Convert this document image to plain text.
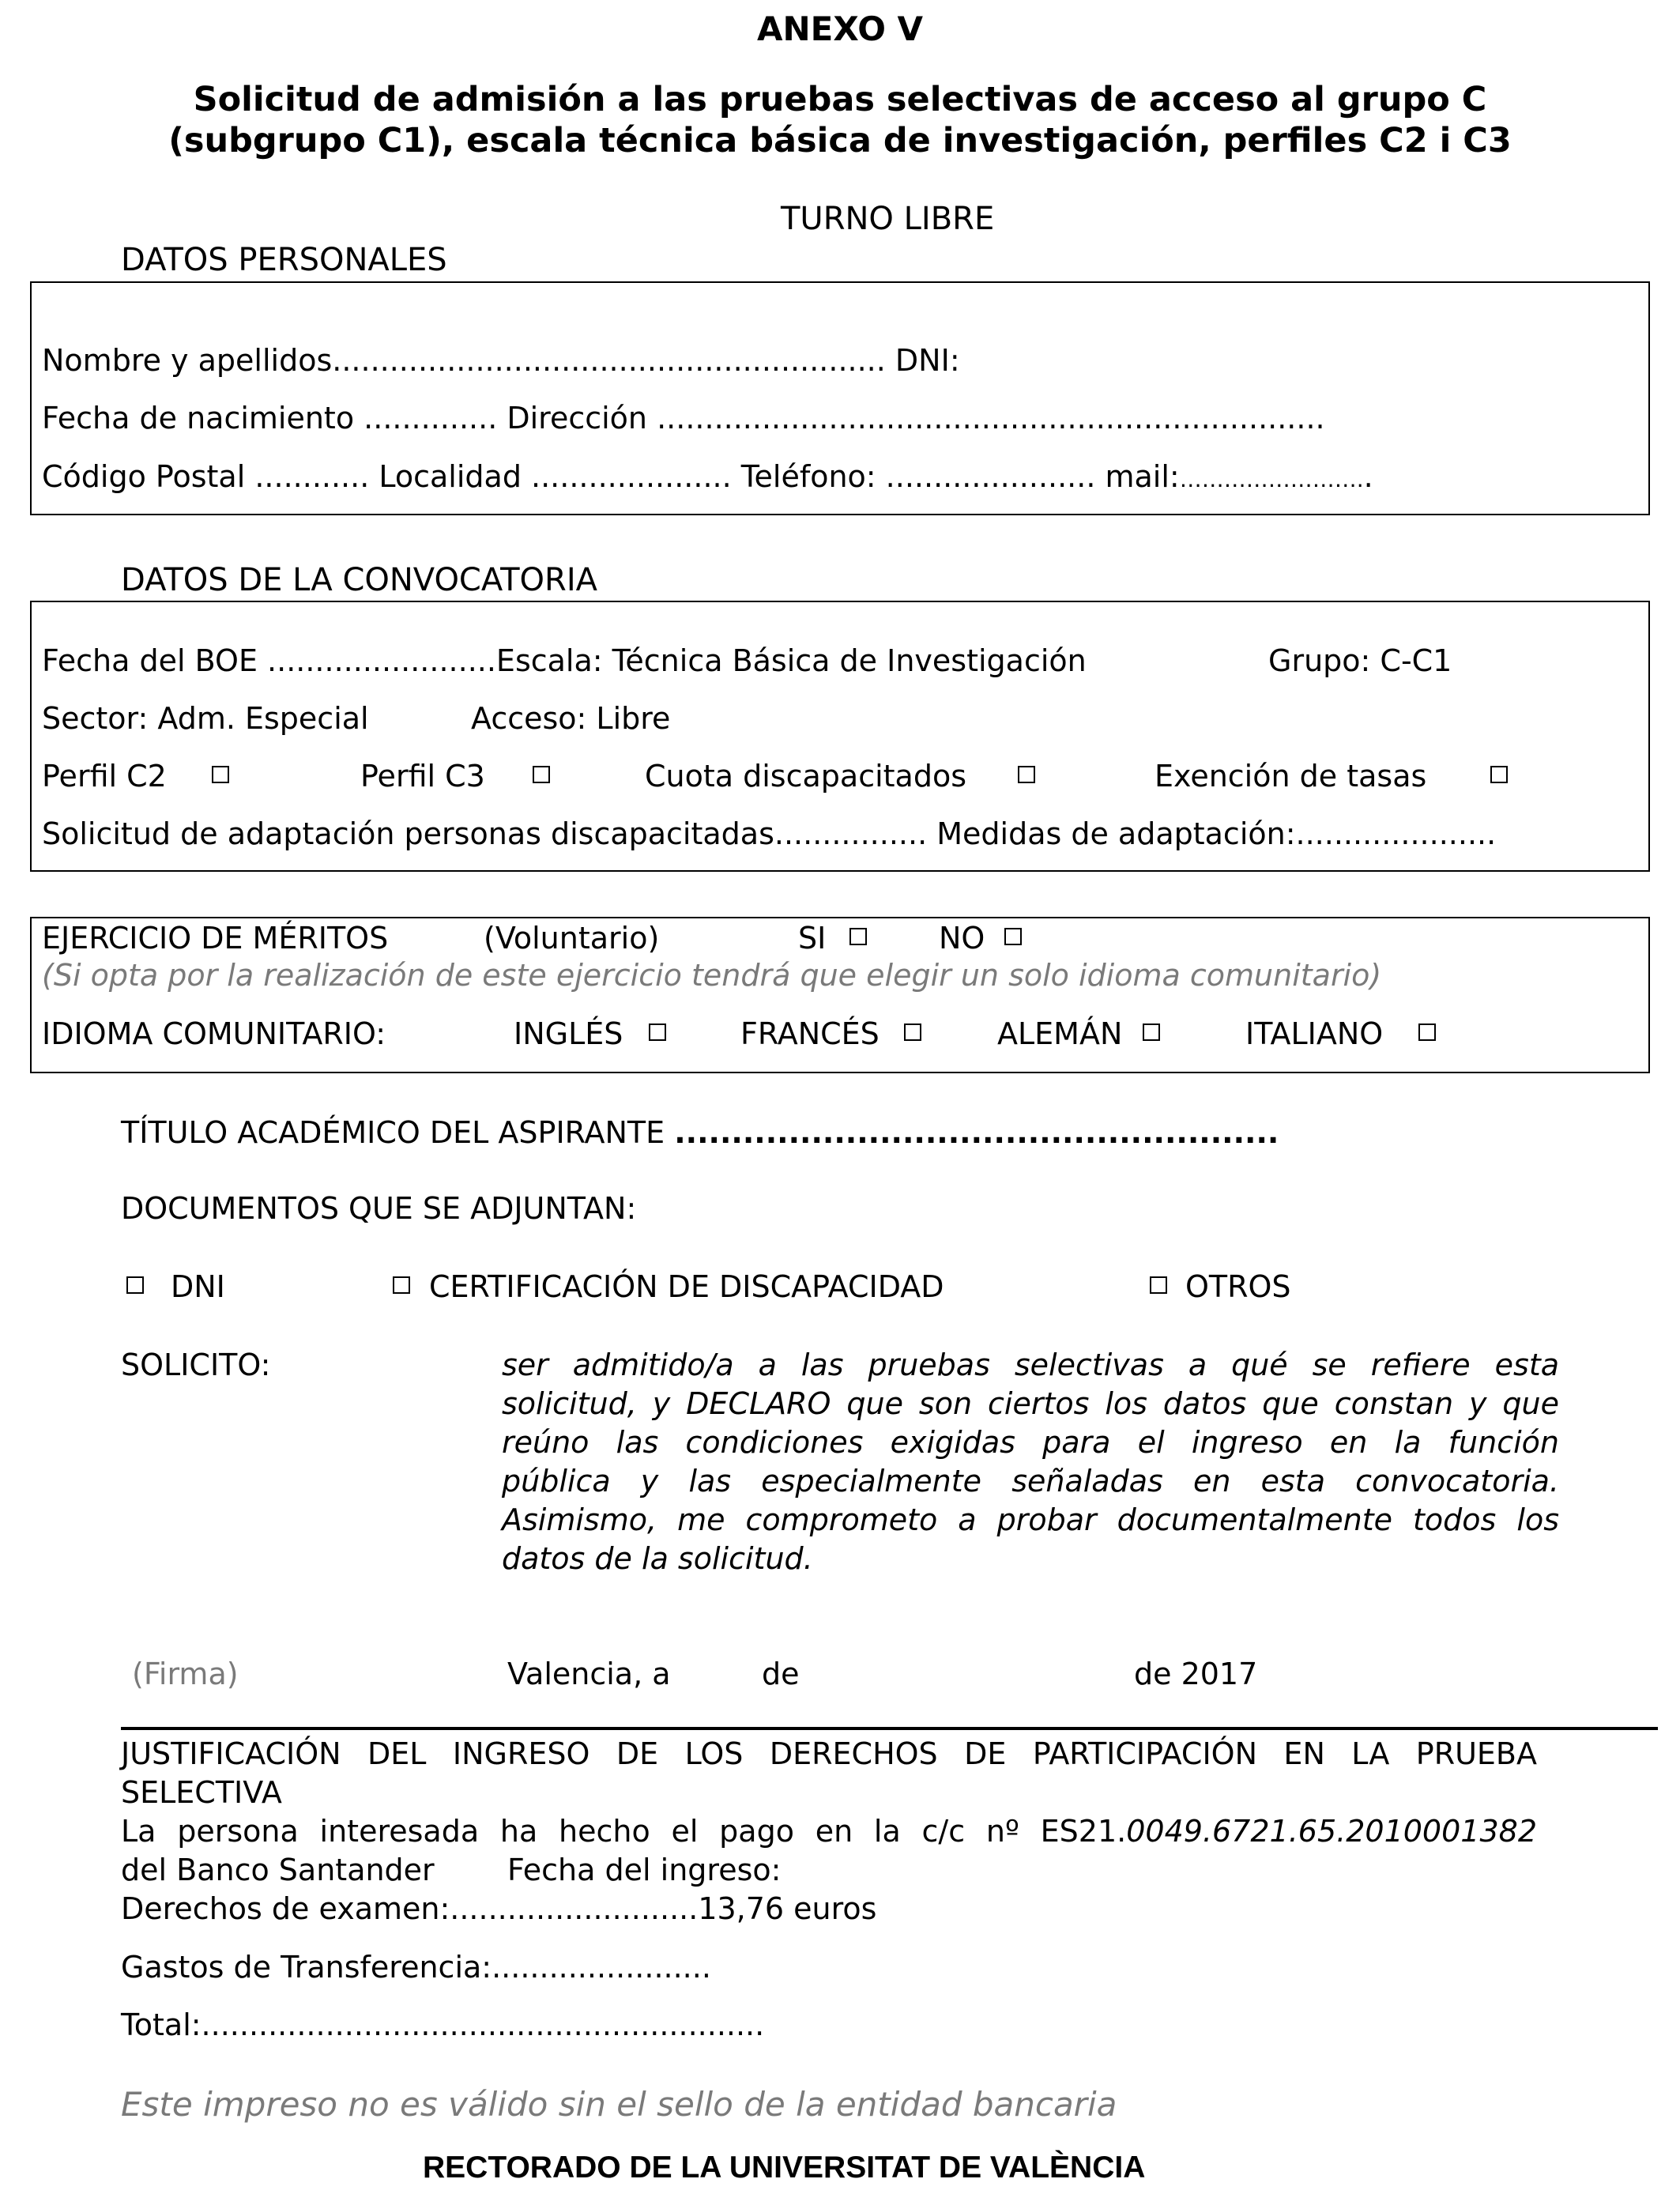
ANEXO V
Solicitud de admisión a las pruebas selectivas de acceso al grupo C
(subgrupo C1), escala técnica básica de investigación, perfiles C2 i C3
TURNO LIBRE
DATOS PERSONALES
Nombre y apellidos.......................................................... DNI:
Fecha de nacimiento .............. Dirección ......................................................................
Código Postal ............ Localidad ..................... Teléfono: ...................... mail:……………………..
DATOS DE LA CONVOCATORIA
Fecha del BOE ........................Escala: Técnica Básica de Investigación	Grupo: C-C1
Sector: Adm. Especial	Acceso: Libre
Perfil C2	Perfil C3	Cuota discapacitados	Exención de tasas
Solicitud de adaptación personas discapacitadas................ Medidas de adaptación:.....................
EJERCICIO DE MÉRITOS	(Voluntario)	SI	NO
(Si opta por la realización de este ejercicio tendrá que elegir un solo idioma comunitario)
IDIOMA COMUNITARIO:	INGLÉS	FRANCÉS	ALEMÁN	ITALIANO
TÍTULO ACADÉMICO DEL ASPIRANTE .....................................................
DOCUMENTOS QUE SE ADJUNTAN:
DNI	CERTIFICACIÓN DE DISCAPACIDAD	OTROS
SOLICITO:	ser admitido/a a las pruebas selectivas a qué se refiere esta
solicitud, y DECLARO que son ciertos los datos que constan y que
reúno las condiciones exigidas para el ingreso en la función
pública y las especialmente señaladas en esta convocatoria.
Asimismo, me comprometo a probar documentalmente todos los
datos de la solicitud.
(Firma)	Valencia, a	de	de 2017
JUSTIFICACIÓN DEL INGRESO DE LOS DERECHOS DE PARTICIPACIÓN EN LA PRUEBA
SELECTIVA
La persona interesada ha hecho el pago en la c/c nº ES21.0049.6721.65.2010001382
del Banco Santander Fecha del ingreso:
Derechos de examen:..........................13,76 euros
Gastos de Transferencia:.......................
Total:...........................................................
Este impreso no es válido sin el sello de la entidad bancaria
RECTORADO DE LA UNIVERSITAT DE VALÈNCIA
